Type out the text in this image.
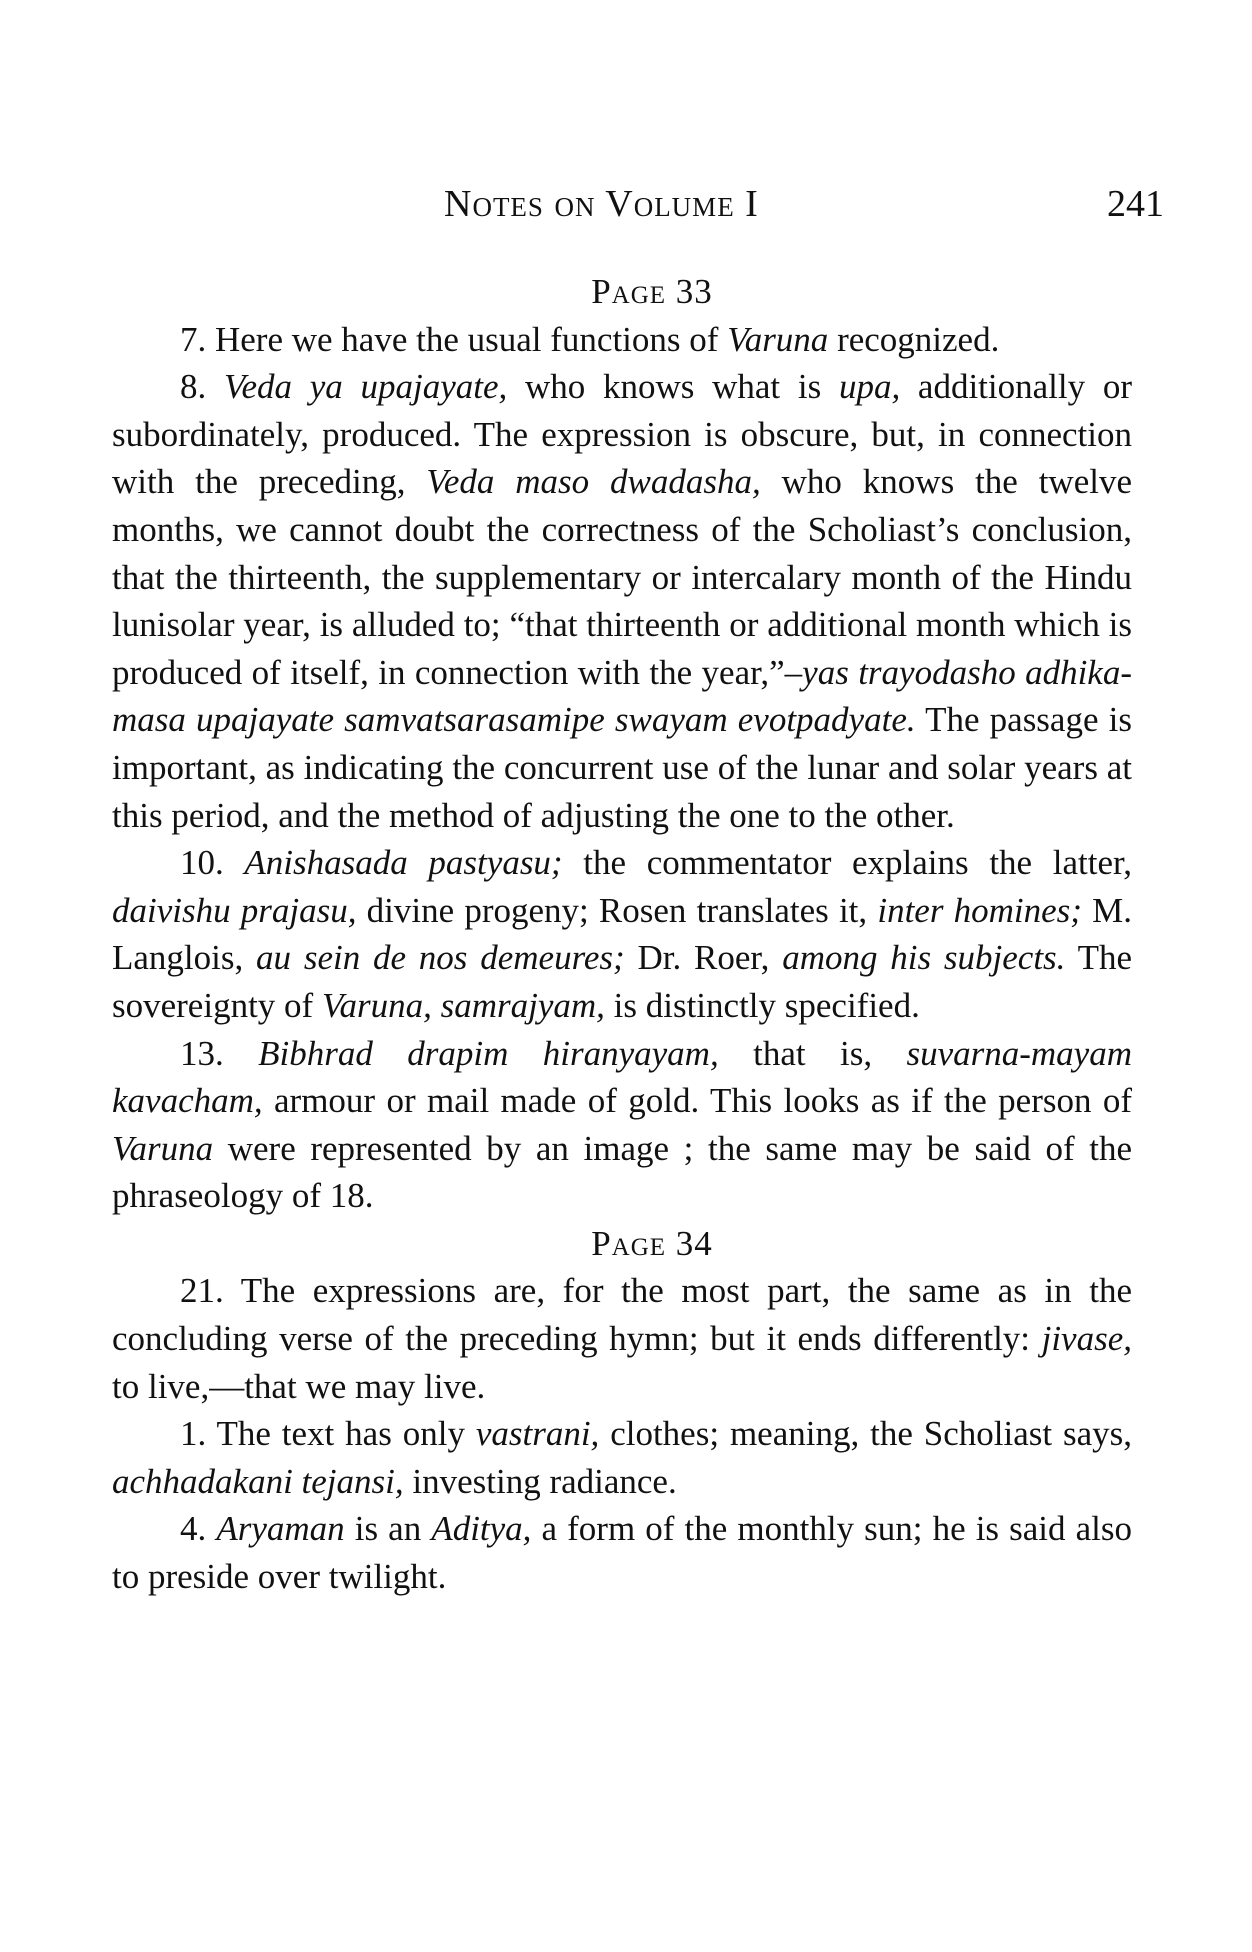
Notes on Volume I	241

Page 33

7. Here we have the usual functions of Varuna recognized.

8. Veda ya upajayate, who knows what is upa, additionally or subordinately, produced. The expression is obscure, but, in connection with the preceding, Veda maso dwadasha, who knows the twelve months, we cannot doubt the correctness of the Scholiast’s conclusion, that the thirteenth, the supplementary or intercalary month of the Hindu lunisolar year, is alluded to; “that thirteenth or additional month which is produced of itself, in connection with the year,”–yas trayodasho adhika-masa upajayate samvatsarasamipe swayam evotpadyate. The passage is important, as indicating the concurrent use of the lunar and solar years at this period, and the method of adjusting the one to the other.

10. Anishasada pastyasu; the commentator explains the latter, daivishu prajasu, divine progeny; Rosen translates it, inter homines; M. Langlois, au sein de nos demeures; Dr. Roer, among his subjects. The sovereignty of Varuna, samrajyam, is distinctly specified.

13. Bibhrad drapim hiranyayam, that is, suvarna-mayam kavacham, armour or mail made of gold. This looks as if the person of Varuna were represented by an image ; the same may be said of the phraseology of 18.

Page 34

21. The expressions are, for the most part, the same as in the concluding verse of the preceding hymn; but it ends differently: jivase, to live,—that we may live.

1. The text has only vastrani, clothes; meaning, the Scholiast says, achhadakani tejansi, investing radiance.

4. Aryaman is an Aditya, a form of the monthly sun; he is said also to preside over twilight.
